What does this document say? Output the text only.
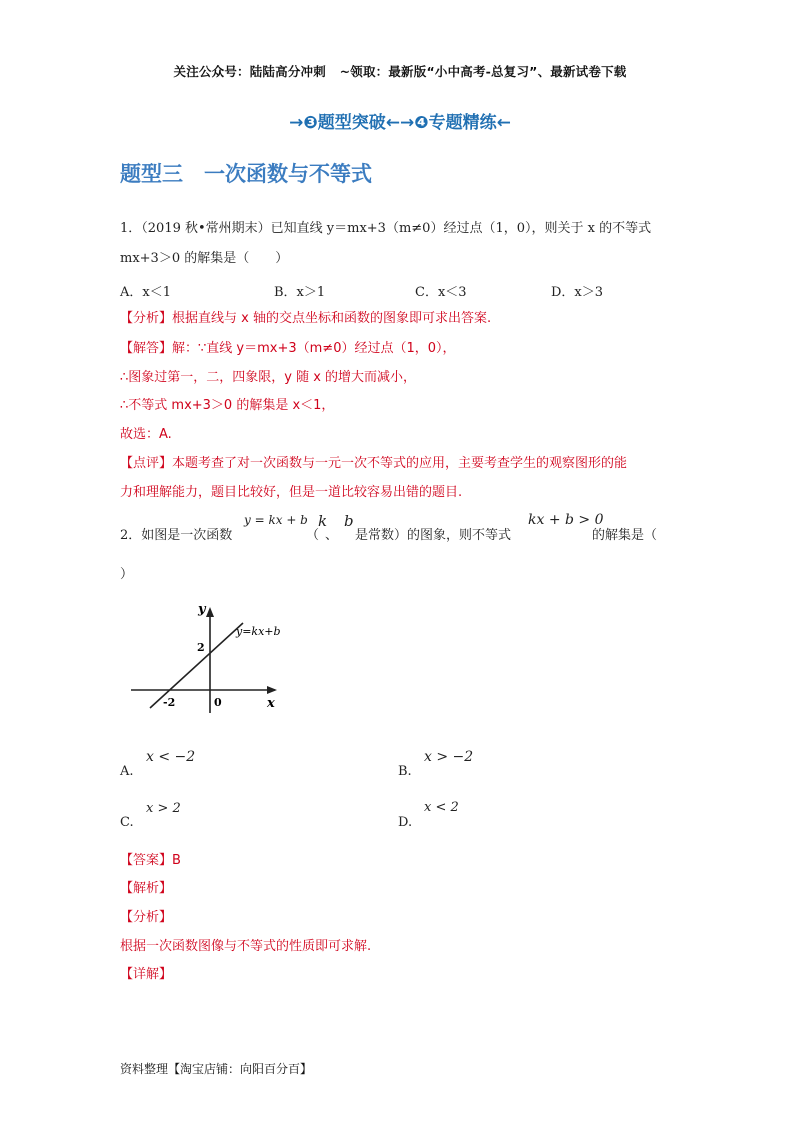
关注公众号：陆陆高分冲刺 ~领取：最新版“小中高考-总复习”、最新试卷下载
→❸题型突破←→❹专题精练←
题型三　一次函数与不等式
1．（2019 秋•常州期末）已知直线 y＝mx+3（m≠0）经过点（1，0），则关于 x 的不等式
mx+3＞0 的解集是（　　）
A．x＜1	B．x＞1	C．x＜3	D．x＞3
【分析】根据直线与 x 轴的交点坐标和函数的图象即可求出答案.
【解答】解：∵直线 y＝mx+3（m≠0）经过点（1，0），
∴图象过第一，二，四象限，y 随 x 的增大而减小，
∴不等式 mx+3＞0 的解集是 x＜1，
故选：A.
【点评】本题考查了对一次函数与一元一次不等式的应用，主要考查学生的观察图形的能
力和理解能力，题目比较好，但是一道比较容易出错的题目.
2．如图是一次函数
y = kx + b
（
k
、
b
是常数）的图象，则不等式
kx + b > 0
的解集是（
）
y
x
y=kx+b
2
-2	0
A.
x < −2
B.
x > −2
C.
x > 2
D.
x < 2
【答案】B
【解析】
【分析】
根据一次函数图像与不等式的性质即可求解.
【详解】
资料整理【淘宝店铺：向阳百分百】
